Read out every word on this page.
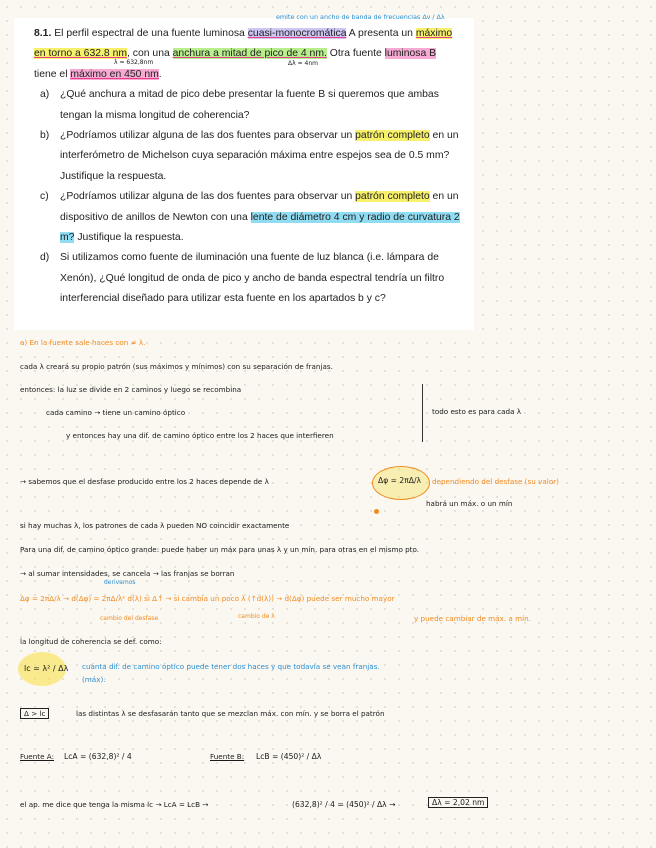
8.1. El perfil espectral de una fuente luminosa cuasi-monocromática A presenta un máximo en torno a 632.8 nm, con una anchura a mitad de pico de 4 nm. Otra fuente luminosa B tiene el máximo en 450 nm.
a) ¿Qué anchura a mitad de pico debe presentar la fuente B si queremos que ambas tengan la misma longitud de coherencia?
b) ¿Podríamos utilizar alguna de las dos fuentes para observar un patrón completo en un interferómetro de Michelson cuya separación máxima entre espejos sea de 0.5 mm? Justifique la respuesta.
c) ¿Podríamos utilizar alguna de las dos fuentes para observar un patrón completo en un dispositivo de anillos de Newton con una lente de diámetro 4 cm y radio de curvatura 2 m? Justifique la respuesta.
d) Si utilizamos como fuente de iluminación una fuente de luz blanca (i.e. lámpara de Xenón), ¿Qué longitud de onda de pico y ancho de banda espectral tendría un filtro interferencial diseñado para utilizar esta fuente en los apartados b y c?
emite con un ancho de banda de frecuencias Δν / Δλ
λ = 632,8nm	Δλ = 4nm
a) En la fuente sale haces con ≠ λ.
cada λ creará su propio patrón (sus máximos y mínimos) con su separación de franjas.
entonces: la luz se divide en 2 caminos y luego se recombina
cada camino → tiene un camino óptico
y entonces hay una dif. de camino óptico entre los 2 haces que interfieren
todo esto es para cada λ
→ sabemos que el desfase producido entre los 2 haces depende de λ	Δφ = 2πΔ/λ dependiendo del desfase (su valor)
habrá un máx. o un mín
si hay muchas λ, los patrones de cada λ pueden NO coincidir exactamente
Para una dif. de camino óptico grande: puede haber un máx para unas λ y un mín. para otras en el mismo pto.
→ al sumar intensidades, se cancela → las franjas se borran
derivamos
Δφ = 2πΔ/λ → d(Δφ) = 2πΔ/λ² d(λ) si Δ↑ → si cambia un poco λ (↑d(λ)) → d(Δφ) puede ser mucho mayor
cambio del desfase	cambio de λ	y puede cambiar de máx. a mín.
la longitud de coherencia se def. como:
lc = λ² / Δλ cuánta dif. de camino óptico puede tener dos haces y que todavía se vean franjas.
(máx).
Δ > lc	las distintas λ se desfasarán tanto que se mezclan máx. con mín. y se borra el patrón
Fuente A: LcA = (632,8)² / 4	Fuente B: LcB = (450)² / Δλ
el ap. me dice que tenga la misma lc → LcA = LcB →	(632,8)² / 4 = (450)² / Δλ →	Δλ = 2,02 nm
